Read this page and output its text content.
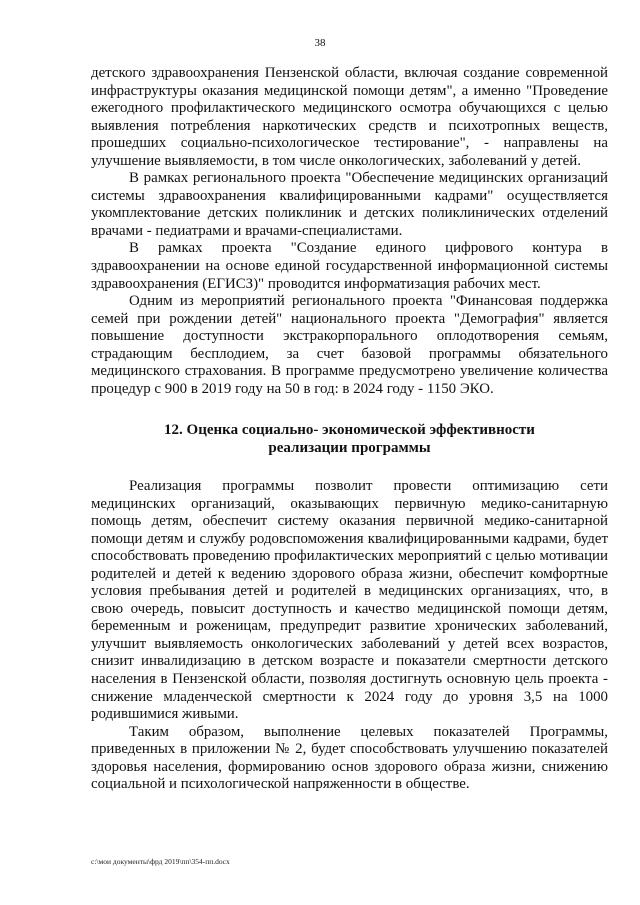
38

детского здравоохранения Пензенской области, включая создание современной инфраструктуры оказания медицинской помощи детям", а именно "Проведение ежегодного профилактического медицинского осмотра обучающихся с целью выявления потребления наркотических средств и психотропных веществ, прошедших социально-психологическое тестирование", - направлены на улучшение выявляемости, в том числе онкологических, заболеваний у детей.

В рамках регионального проекта "Обеспечение медицинских организаций системы здравоохранения квалифицированными кадрами" осуществляется укомплектование детских поликлиник и детских поликлинических отделений врачами - педиатрами и врачами-специалистами.

В рамках проекта "Создание единого цифрового контура в здравоохранении на основе единой государственной информационной системы здравоохранения (ЕГИСЗ)" проводится информатизация рабочих мест.

Одним из мероприятий регионального проекта "Финансовая поддержка семей при рождении детей" национального проекта "Демография" является повышение доступности экстракорпорального оплодотворения семьям, страдающим бесплодием, за счет базовой программы обязательного медицинского страхования. В программе предусмотрено увеличение количества процедур с 900 в 2019 году на 50 в год: в 2024 году - 1150 ЭКО.

12. Оценка социально- экономической эффективности
реализации программы

Реализация программы позволит провести оптимизацию сети медицинских организаций, оказывающих первичную медико-санитарную помощь детям, обеспечит систему оказания первичной медико-санитарной помощи детям и службу родовспоможения квалифицированными кадрами, будет способствовать проведению профилактических мероприятий с целью мотивации родителей и детей к ведению здорового образа жизни, обеспечит комфортные условия пребывания детей и родителей в медицинских организациях, что, в свою очередь, повысит доступность и качество медицинской помощи детям, беременным и роженицам, предупредит развитие хронических заболеваний, улучшит выявляемость онкологических заболеваний у детей всех возрастов, снизит инвалидизацию в детском возрасте и показатели смертности детского населения в Пензенской области, позволяя достигнуть основную цель проекта - снижение младенческой смертности к 2024 году до уровня 3,5 на 1000 родившимися живыми.

Таким образом, выполнение целевых показателей Программы, приведенных в приложении № 2, будет способствовать улучшению показателей здоровья населения, формированию основ здорового образа жизни, снижению социальной и психологической напряженности в обществе.

c:\мои документы\фрд 2019\пп\354-пп.docx
